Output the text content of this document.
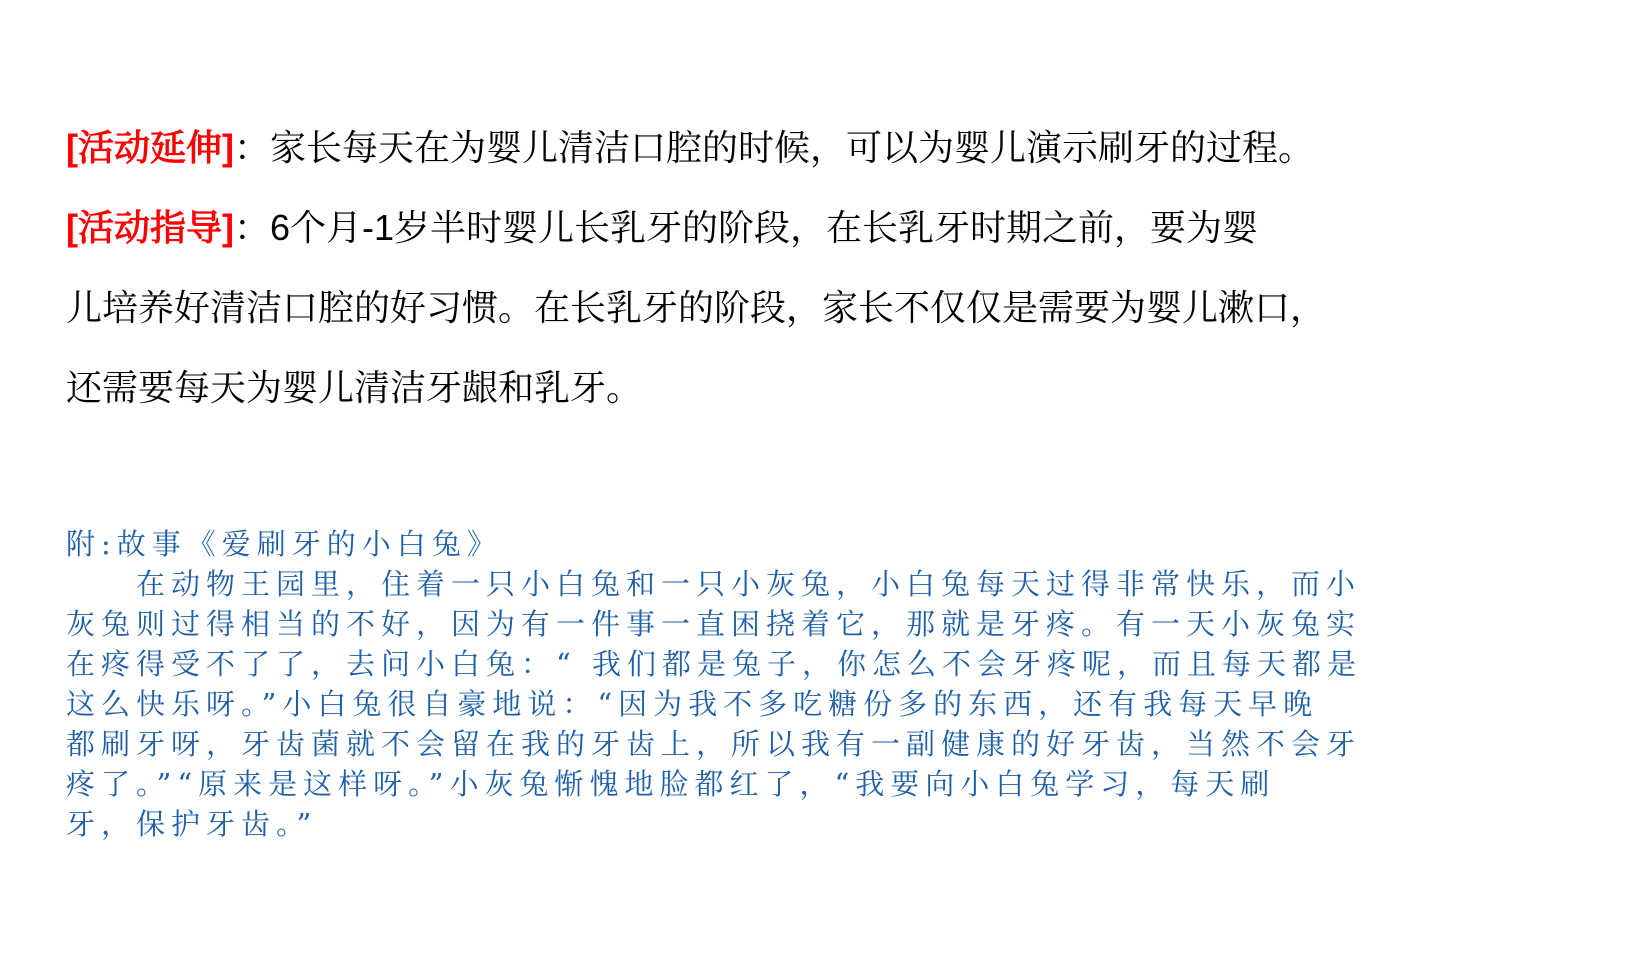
[活动延伸]：家长每天在为婴儿清洁口腔的时候，可以为婴儿演示刷牙的过程。
[活动指导]：6个月-1岁半时婴儿长乳牙的阶段，在长乳牙时期之前，要为婴
儿培养好清洁口腔的好习惯。在长乳牙的阶段，家长不仅仅是需要为婴儿漱口，
还需要每天为婴儿清洁牙龈和乳牙。
附:故事《爱刷牙的小白兔》
　　在动物王园里，住着一只小白兔和一只小灰兔，小白兔每天过得非常快乐，而小
灰兔则过得相当的不好，因为有一件事一直困挠着它，那就是牙疼。有一天小灰兔实
在疼得受不了了，去问小白兔：“ 我们都是兔子，你怎么不会牙疼呢，而且每天都是
这么快乐呀。”小白兔很自豪地说：“因为我不多吃糖份多的东西，还有我每天早晚
都刷牙呀，牙齿菌就不会留在我的牙齿上，所以我有一副健康的好牙齿，当然不会牙
疼了。”“原来是这样呀。”小灰兔惭愧地脸都红了，“我要向小白兔学习，每天刷
牙，保护牙齿。”
